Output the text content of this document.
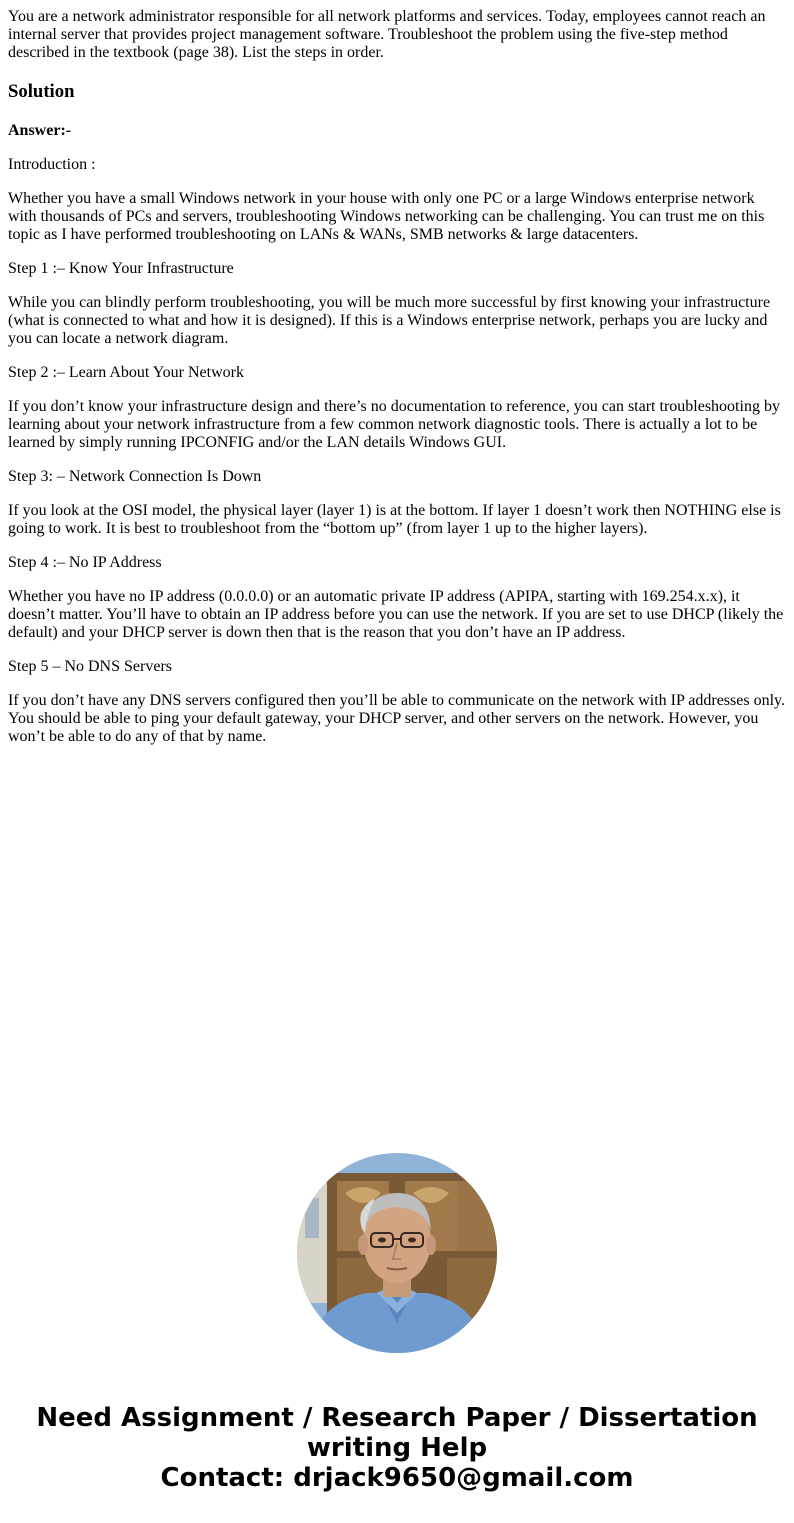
You are a network administrator responsible for all network platforms and services. Today, employees cannot reach an internal server that provides project management software. Troubleshoot the problem using the five-step method described in the textbook (page 38). List the steps in order.

Solution

Answer:-

Introduction :

Whether you have a small Windows network in your house with only one PC or a large Windows enterprise network with thousands of PCs and servers, troubleshooting Windows networking can be challenging. You can trust me on this topic as I have performed troubleshooting on LANs & WANs, SMB networks & large datacenters.

Step 1 :– Know Your Infrastructure

While you can blindly perform troubleshooting, you will be much more successful by first knowing your infrastructure (what is connected to what and how it is designed). If this is a Windows enterprise network, perhaps you are lucky and you can locate a network diagram.

Step 2 :– Learn About Your Network

If you don’t know your infrastructure design and there’s no documentation to reference, you can start troubleshooting by learning about your network infrastructure from a few common network diagnostic tools. There is actually a lot to be learned by simply running IPCONFIG and/or the LAN details Windows GUI.

Step 3: – Network Connection Is Down

If you look at the OSI model, the physical layer (layer 1) is at the bottom. If layer 1 doesn’t work then NOTHING else is going to work. It is best to troubleshoot from the “bottom up” (from layer 1 up to the higher layers).

Step 4 :– No IP Address

Whether you have no IP address (0.0.0.0) or an automatic private IP address (APIPA, starting with 169.254.x.x), it doesn’t matter. You’ll have to obtain an IP address before you can use the network. If you are set to use DHCP (likely the default) and your DHCP server is down then that is the reason that you don’t have an IP address.

Step 5 – No DNS Servers

If you don’t have any DNS servers configured then you’ll be able to communicate on the network with IP addresses only. You should be able to ping your default gateway, your DHCP server, and other servers on the network. However, you won’t be able to do any of that by name.

Need Assignment / Research Paper / Dissertation
writing Help
Contact: drjack9650@gmail.com
